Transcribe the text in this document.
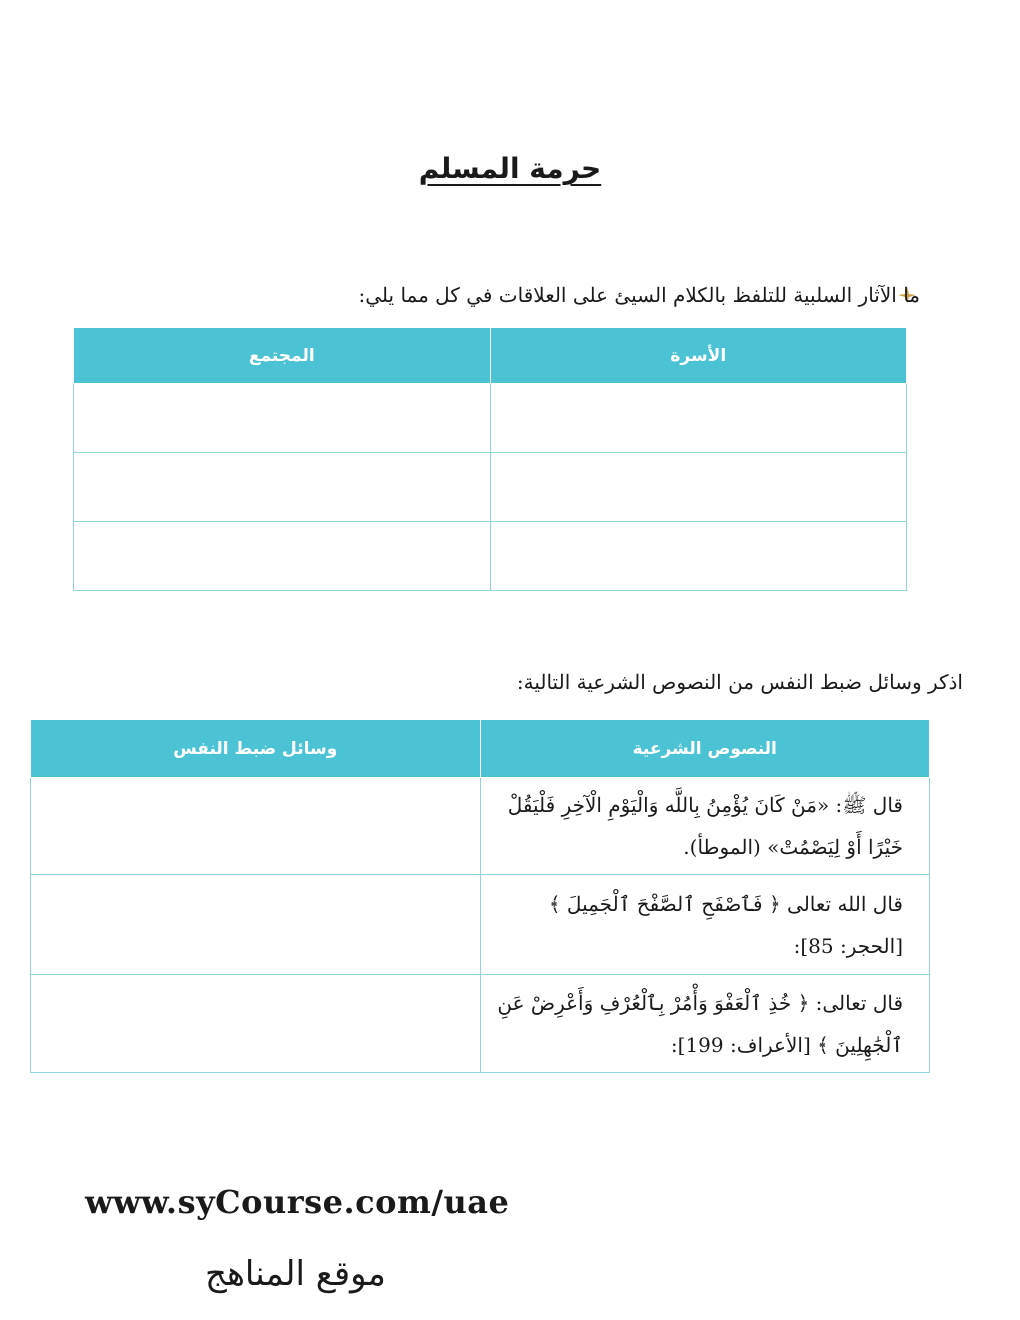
حرمة المسلم
ما الآثار السلبية للتلفظ بالكلام السيئ على العلاقات في كل مما يلي:
الأسرة	المجتمع

اذكر وسائل ضبط النفس من النصوص الشرعية التالية:
النصوص الشرعية	وسائل ضبط النفس

قال ﷺ: «مَنْ كَانَ يُؤْمِنُ بِاللَّه وَالْيَوْمِ الْآخِرِ فَلْيَقُلْ خَيْرًا أَوْ لِيَصْمُتْ» (الموطأ).	

قال الله تعالى ﴿ فَٱصْفَحِ ٱلصَّفْحَ ٱلْجَمِيلَ ﴾ [الحجر: 85]:	

قال تعالى: ﴿ خُذِ ٱلْعَفْوَ وَأْمُرْ بِٱلْعُرْفِ وَأَعْرِضْ عَنِ ٱلْجَٰهِلِينَ ﴾ [الأعراف: 199]:	

www.syCourse.com/uae
موقع المناهج
